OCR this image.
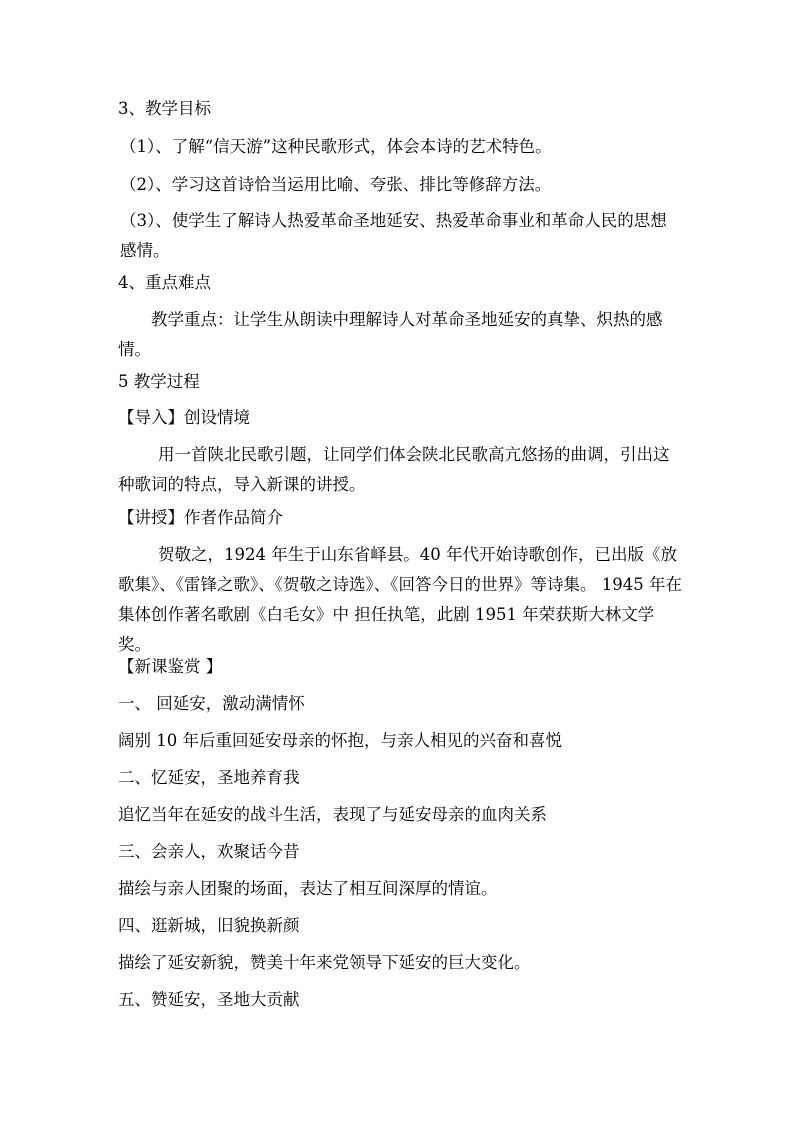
3、教学目标
（1）、了解“信天游”这种民歌形式，体会本诗的艺术特色。
（2）、学习这首诗恰当运用比喻、夸张、排比等修辞方法。
（3）、使学生了解诗人热爱革命圣地延安、热爱革命事业和革命人民的思想感情。
4、重点难点
教学重点：让学生从朗读中理解诗人对革命圣地延安的真挚、炽热的感情。
5 教学过程
【导入】创设情境
用一首陕北民歌引题，让同学们体会陕北民歌高亢悠扬的曲调，引出这种歌词的特点，导入新课的讲授。
【讲授】作者作品简介
贺敬之，1924 年生于山东省峄县。40 年代开始诗歌创作，已出版《放歌集》、《雷锋之歌》、《贺敬之诗选》、《回答今日的世界》等诗集。 1945 年在集体创作著名歌剧《白毛女》中 担任执笔，此剧 1951 年荣获斯大林文学奖。
【新课鉴赏 】
一、 回延安，激动满情怀
阔别 10 年后重回延安母亲的怀抱，与亲人相见的兴奋和喜悦
二、忆延安，圣地养育我
追忆当年在延安的战斗生活，表现了与延安母亲的血肉关系
三、会亲人，欢聚话今昔
描绘与亲人团聚的场面，表达了相互间深厚的情谊。
四、逛新城，旧貌换新颜
描绘了延安新貌，赞美十年来党领导下延安的巨大变化。
五、赞延安，圣地大贡献
